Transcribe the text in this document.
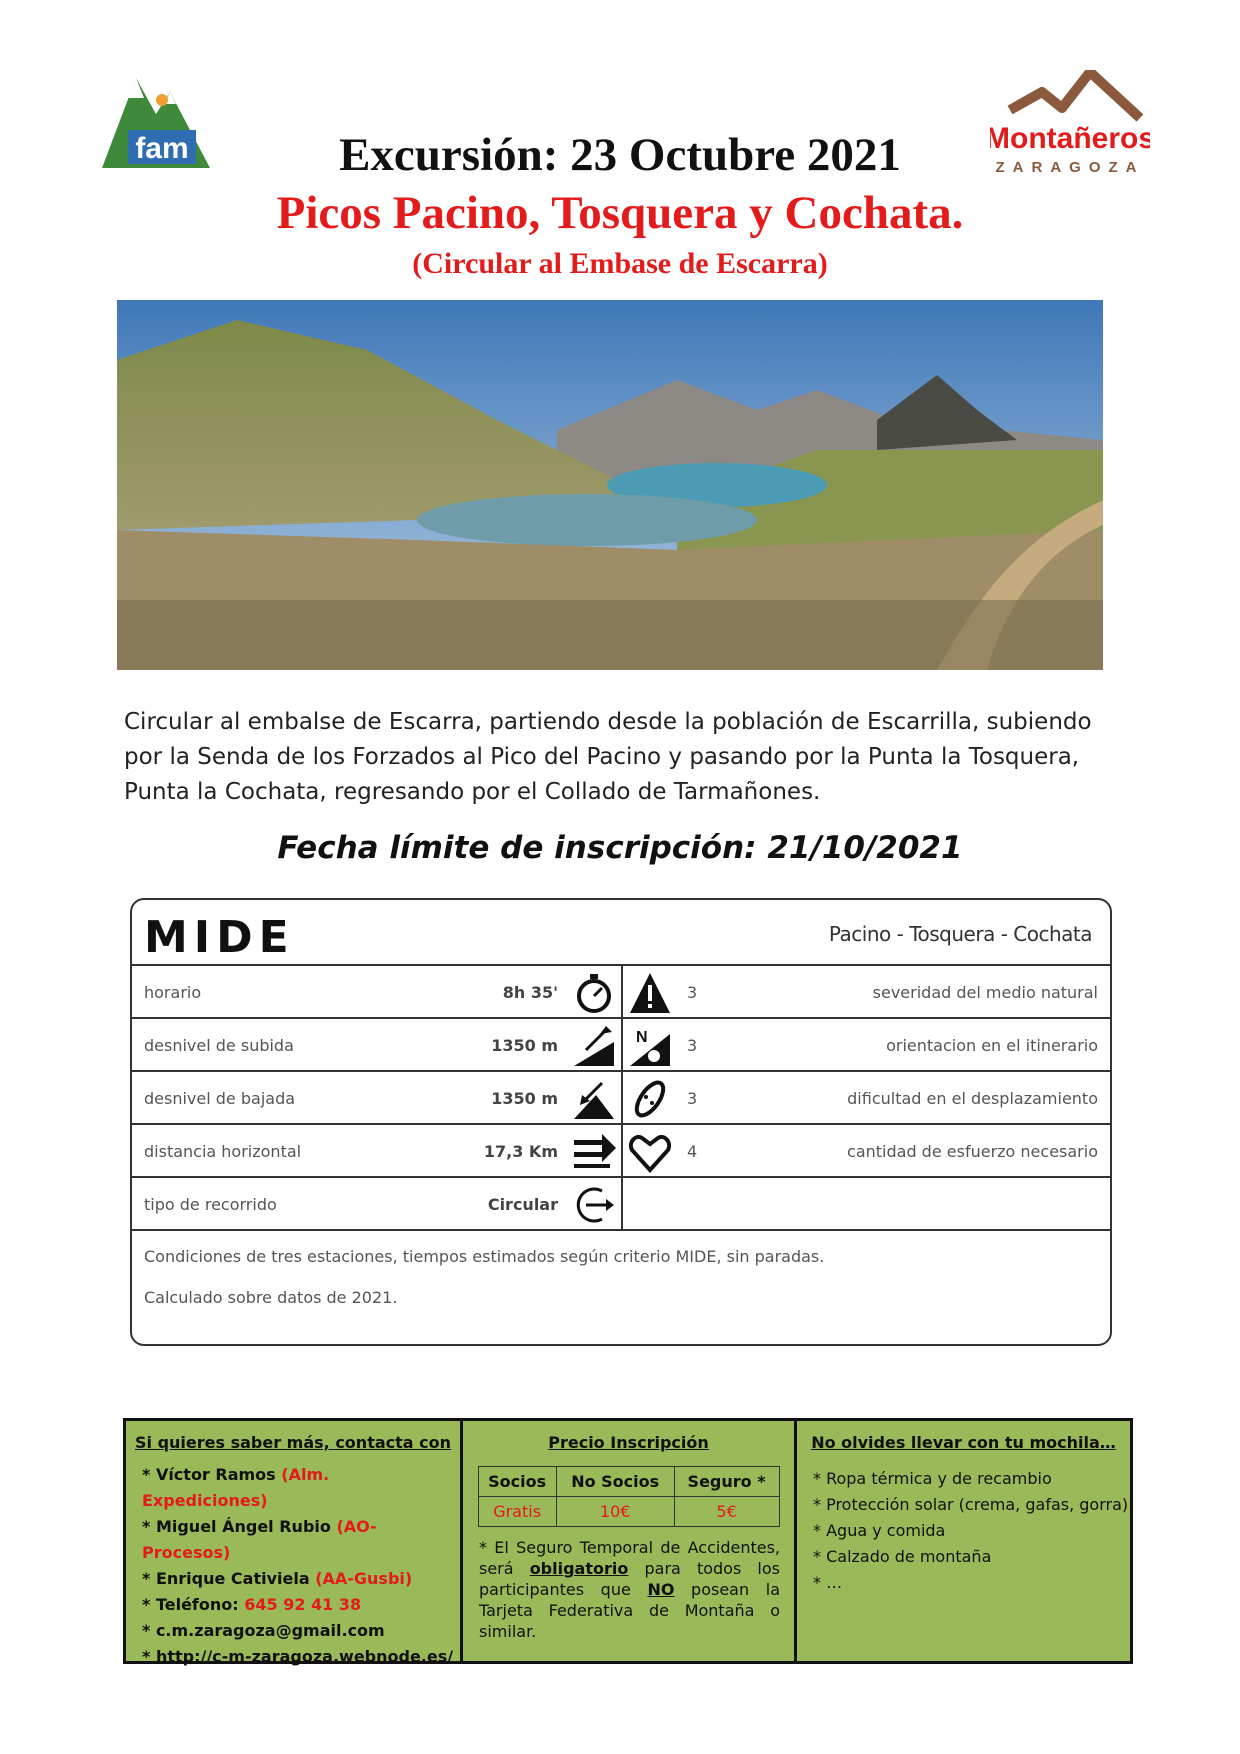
fam	Montañeros
ZARAGOZA
Excursión: 23 Octubre 2021
Picos Pacino, Tosquera y Cochata.
(Circular al Embase de Escarra)
Circular al embalse de Escarra, partiendo desde la población de Escarrilla, subiendo por la Senda de los Forzados al Pico del Pacino y pasando por la Punta la Tosquera, Punta la Cochata, regresando por el Collado de Tarmañones.
Fecha límite de inscripción: 21/10/2021
MIDE	Pacino - Tosquera - Cochata
horario	8h 35'	3	severidad del medio natural
desnivel de subida	1350 m	N 3	orientacion en el itinerario
desnivel de bajada	1350 m	3	dificultad en el desplazamiento
distancia horizontal	17,3 Km	4	cantidad de esfuerzo necesario
tipo de recorrido	Circular
Condiciones de tres estaciones, tiempos estimados según criterio MIDE, sin paradas.
Calculado sobre datos de 2021.
Si quieres saber más, contacta con
* Víctor Ramos (Alm. Expediciones)
* Miguel Ángel Rubio (AO-Procesos)
* Enrique Cativiela (AA-Gusbi)
* Teléfono: 645 92 41 38
* c.m.zaragoza@gmail.com
* http://c-m-zaragoza.webnode.es/
Precio Inscripción
Socios	No Socios	Seguro *
Gratis	10€	5€

* El Seguro Temporal de Accidentes, será obligatorio para todos los participantes que NO posean la Tarjeta Federativa de Montaña o similar.

No olvides llevar con tu mochila…
* Ropa térmica y de recambio
* Protección solar (crema, gafas, gorra)
* Agua y comida
* Calzado de montaña
* …
